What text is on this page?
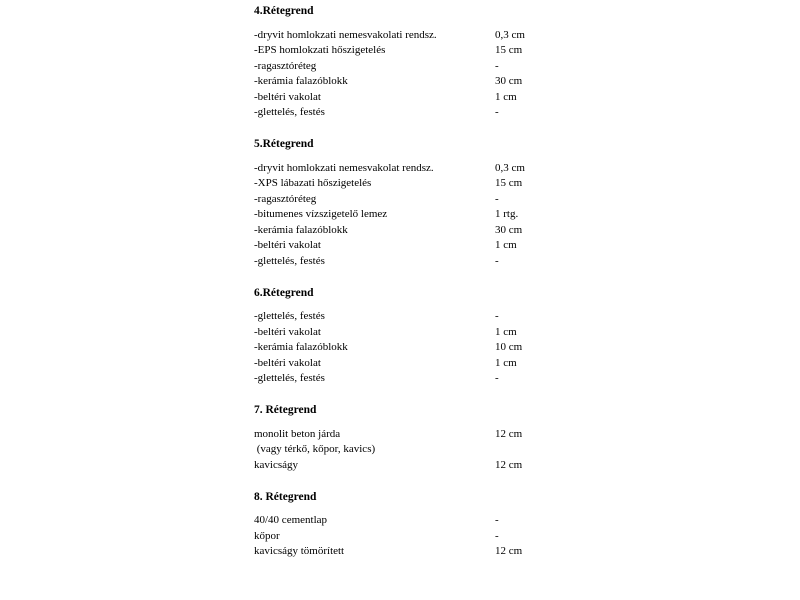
4.Rétegrend
-dryvit homlokzati nemesvakolati rendsz.	0,3 cm
-EPS homlokzati hőszigetelés	15 cm
-ragasztóréteg	-
-kerámia falazóblokk	30 cm
-beltéri vakolat	1 cm
-glettelés, festés	-
5.Rétegrend
-dryvit homlokzati nemesvakolat rendsz.	0,3 cm
-XPS lábazati hőszigetelés	15 cm
-ragasztóréteg	-
-bitumenes vízszigetelő lemez	1 rtg.
-kerámia falazóblokk	30 cm
-beltéri vakolat	1 cm
-glettelés, festés	-
6.Rétegrend
-glettelés, festés	-
-beltéri vakolat	1 cm
-kerámia falazóblokk	10 cm
-beltéri vakolat	1 cm
-glettelés, festés	-
7. Rétegrend
monolit beton járda	12 cm
(vagy térkő, kőpor, kavics)
kavicságy	12 cm
8. Rétegrend
40/40 cementlap	-
kőpor	-
kavicságy tömörített	12 cm
